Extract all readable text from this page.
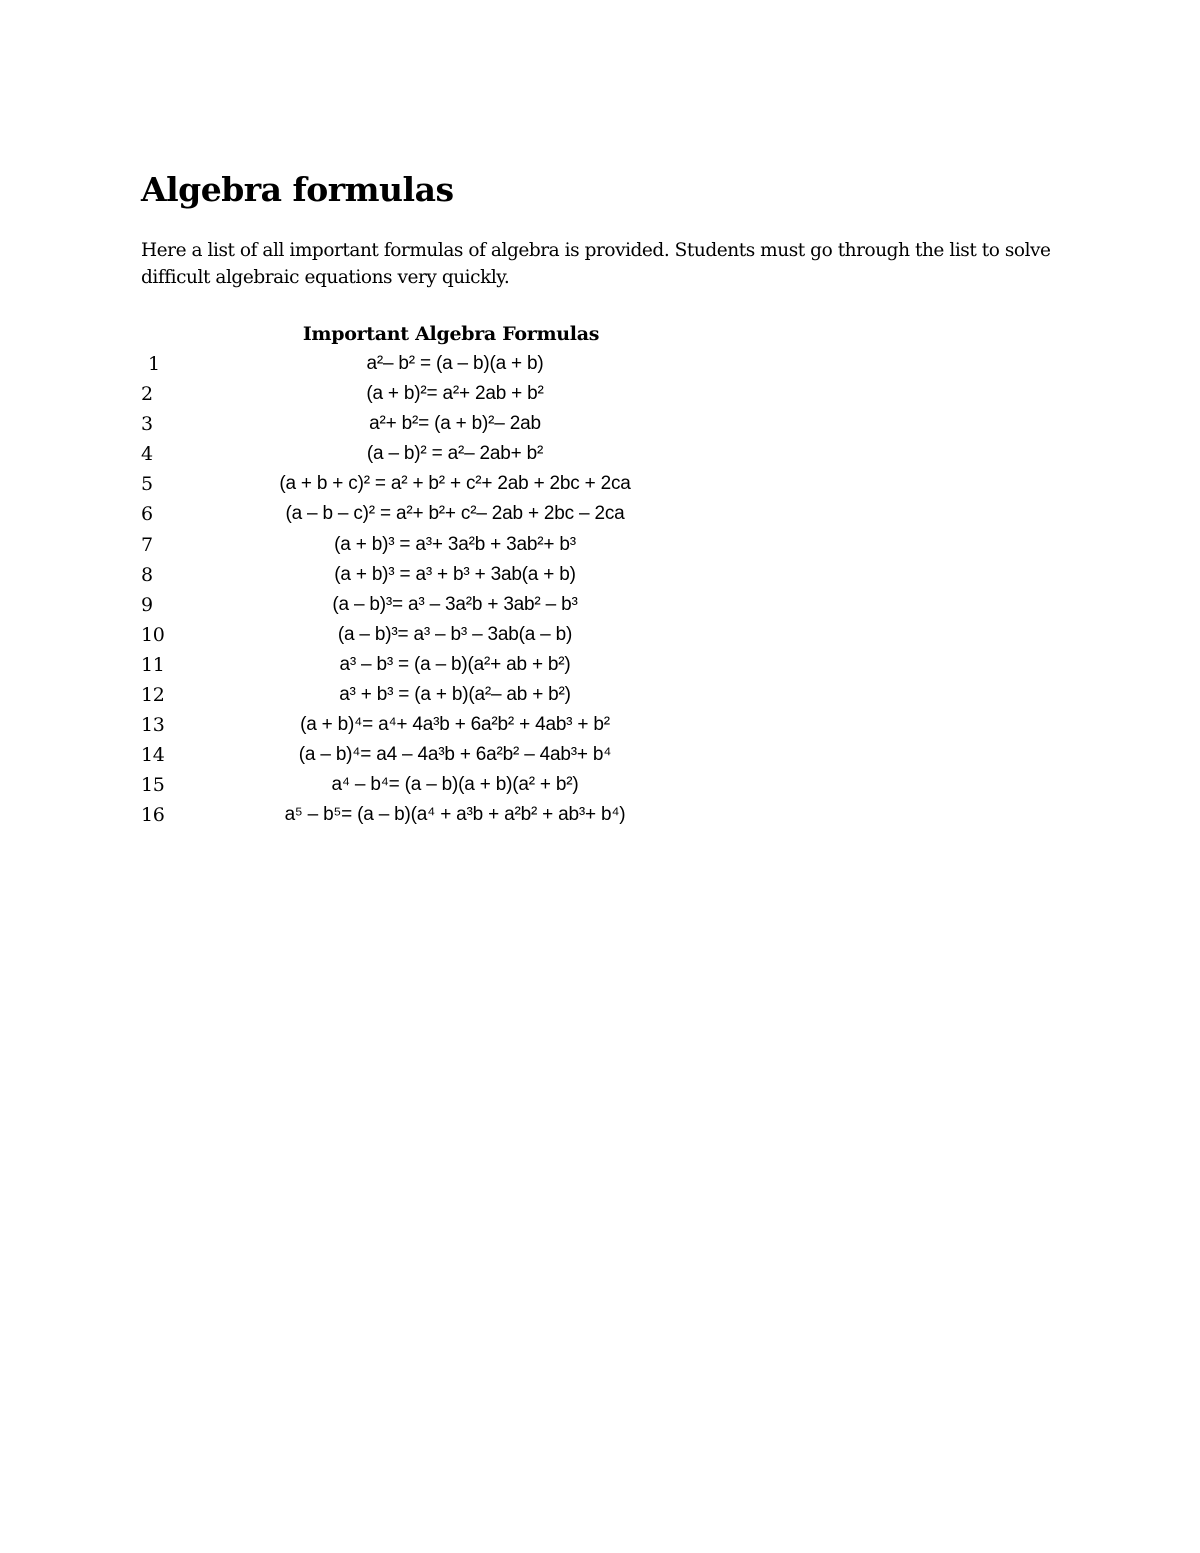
Algebra formulas

Here a list of all important formulas of algebra is provided. Students must go through the list to solve difficult algebraic equations very quickly.

Important Algebra Formulas
1	a²– b² = (a – b)(a + b)
2	(a + b)²= a²+ 2ab + b²
3	a²+ b²= (a + b)²– 2ab
4	(a – b)² = a²– 2ab+ b²
5	(a + b + c)² = a² + b² + c²+ 2ab + 2bc + 2ca
6	(a – b – c)² = a²+ b²+ c²– 2ab + 2bc – 2ca
7	(a + b)³ = a³+ 3a²b + 3ab²+ b³
8	(a + b)³ = a³ + b³ + 3ab(a + b)
9	(a – b)³= a³ – 3a²b + 3ab² – b³
10	(a – b)³= a³ – b³ – 3ab(a – b)
11	a³ – b³ = (a – b)(a²+ ab + b²)
12	a³ + b³ = (a + b)(a²– ab + b²)
13	(a + b)⁴= a⁴+ 4a³b + 6a²b² + 4ab³ + b²
14	(a – b)⁴= a4 – 4a³b + 6a²b² – 4ab³+ b⁴
15	a⁴ – b⁴= (a – b)(a + b)(a² + b²)
16	a⁵ – b⁵= (a – b)(a⁴ + a³b + a²b² + ab³+ b⁴)
